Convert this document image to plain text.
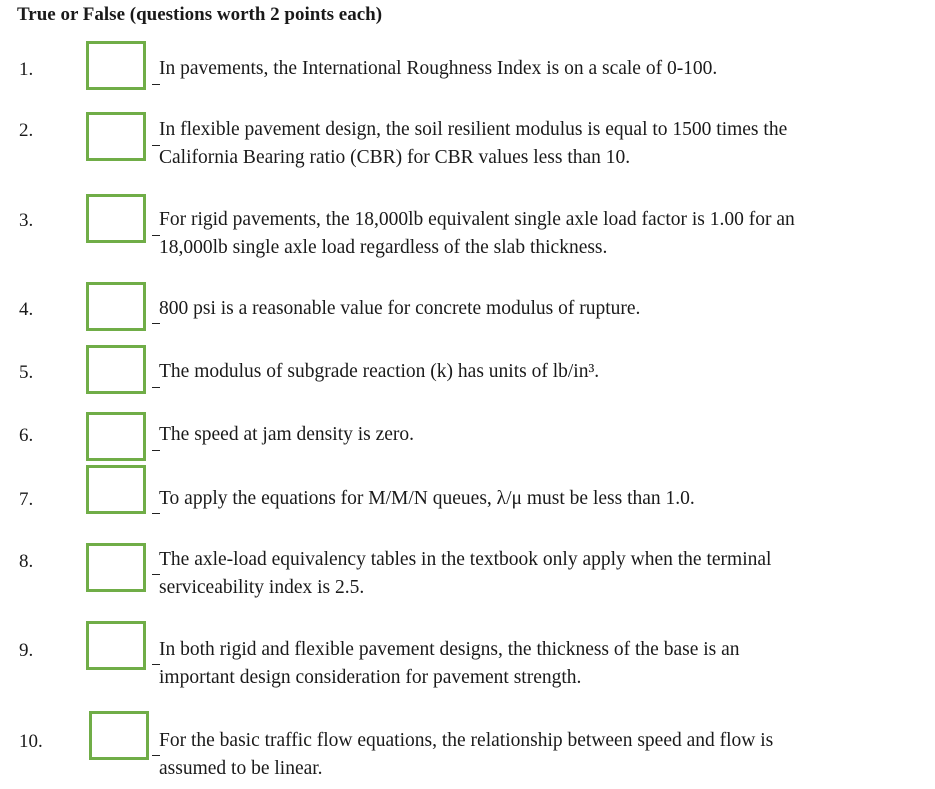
True or False (questions worth 2 points each)
1.	In pavements, the International Roughness Index is on a scale of 0-100.
2.	In flexible pavement design, the soil resilient modulus is equal to 1500 times the
California Bearing ratio (CBR) for CBR values less than 10.
3.	For rigid pavements, the 18,000lb equivalent single axle load factor is 1.00 for an
18,000lb single axle load regardless of the slab thickness.
4.	800 psi is a reasonable value for concrete modulus of rupture.
5.	The modulus of subgrade reaction (k) has units of lb/in³.
6.	The speed at jam density is zero.
7.	To apply the equations for M/M/N queues, λ/μ must be less than 1.0.
8.	The axle-load equivalency tables in the textbook only apply when the terminal
serviceability index is 2.5.
9.	In both rigid and flexible pavement designs, the thickness of the base is an
important design consideration for pavement strength.
10.	For the basic traffic flow equations, the relationship between speed and flow is
assumed to be linear.
